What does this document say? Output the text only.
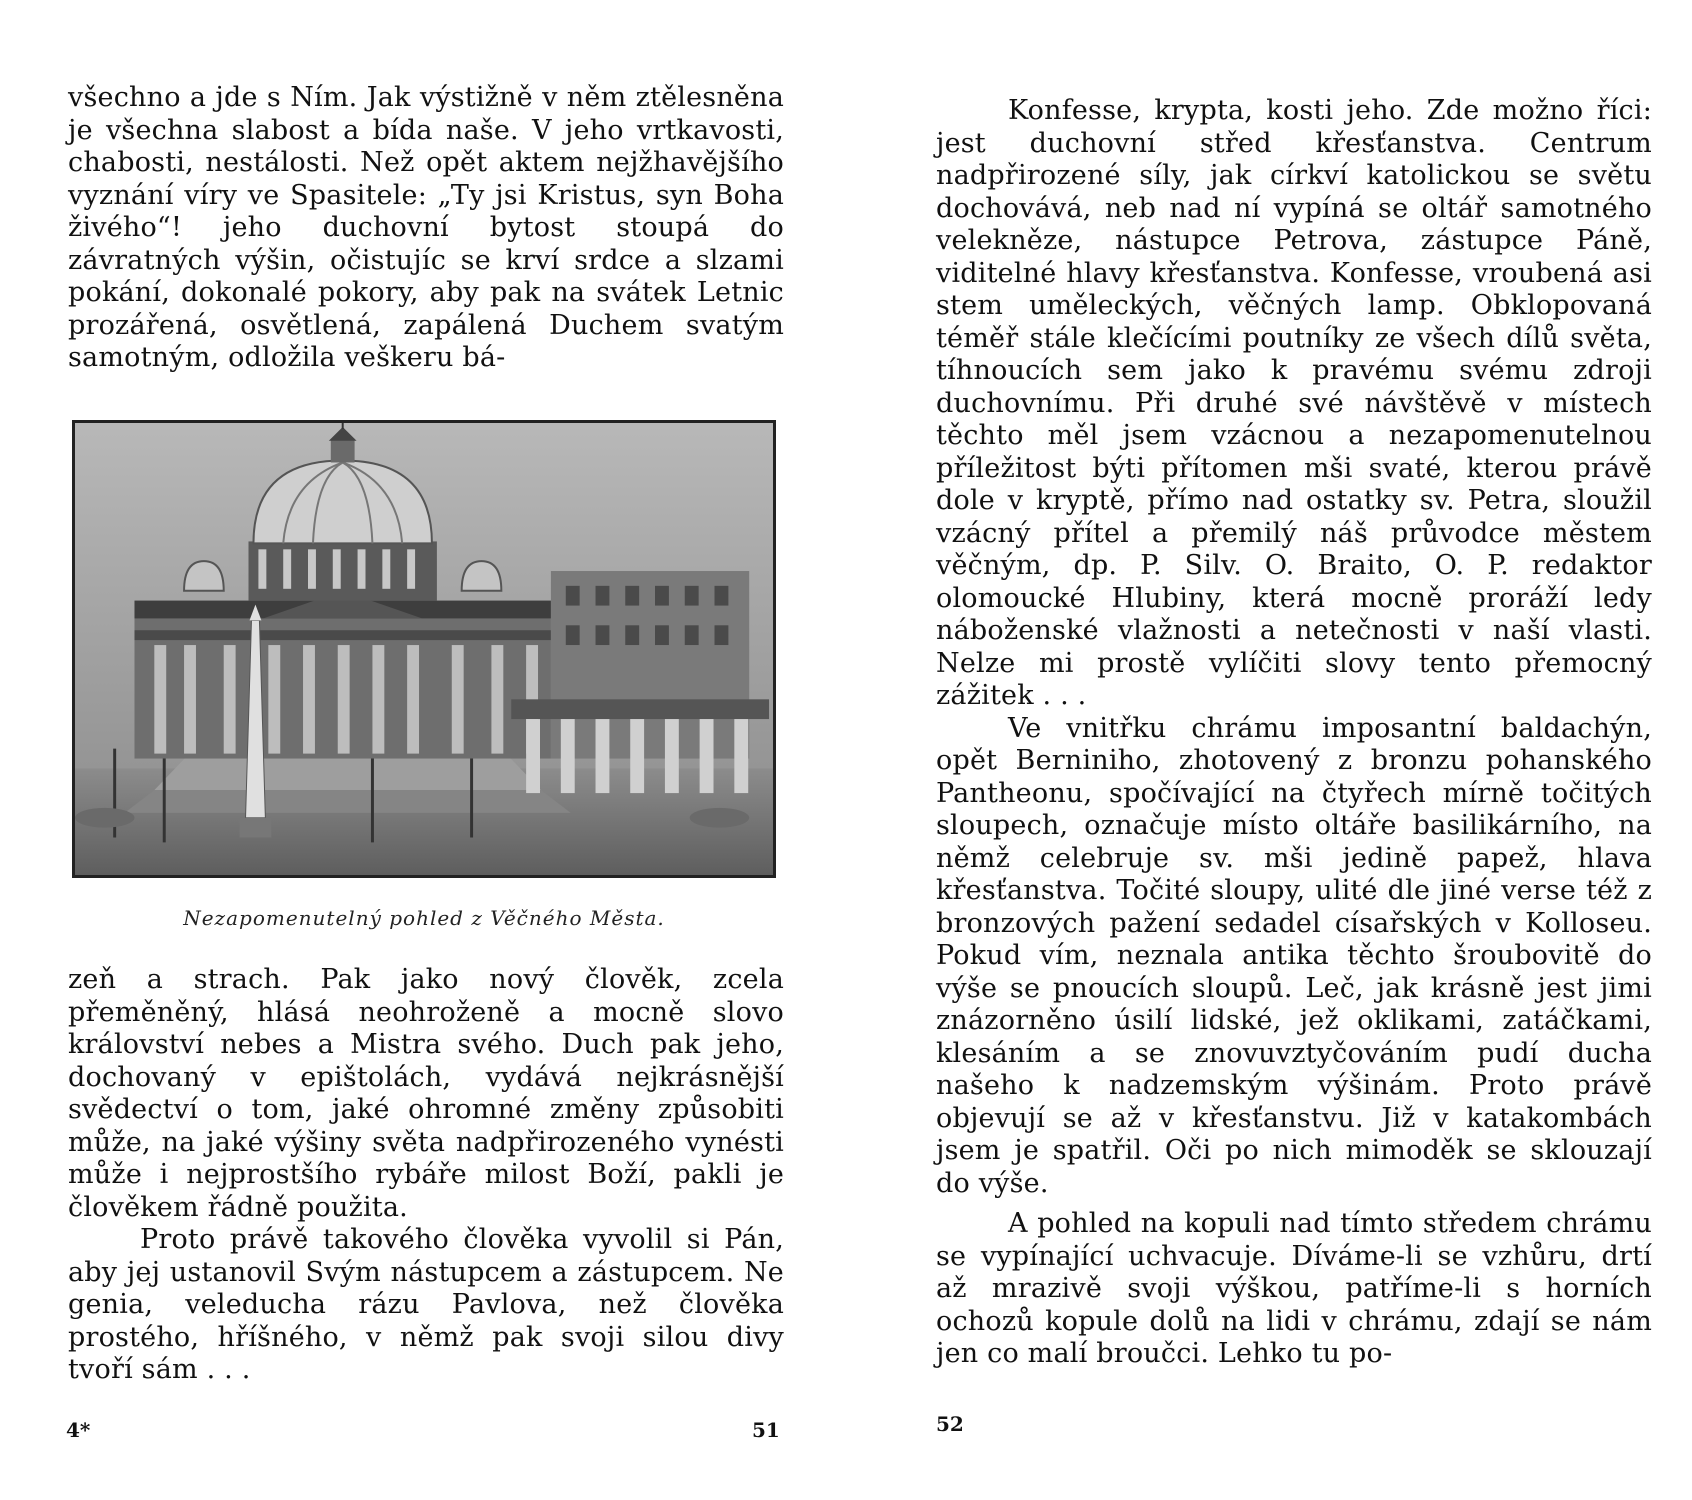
všechno a jde s Ním. Jak výstižně v něm ztělesněna je všechna slabost a bída naše. V jeho vrtkavosti, chabosti, nestálosti. Než opět aktem nejžhavějšího vyznání víry ve Spasitele: „Ty jsi Kristus, syn Boha živého“! jeho duchovní bytost stoupá do závratných výšin, očistujíc se krví srdce a slzami pokání, dokonalé pokory, aby pak na svátek Letnic prozářená, osvětlená, zapálená Duchem svatým samotným, odložila veškeru bá-

Nezapomenutelný pohled z Věčného Města.

zeň a strach. Pak jako nový člověk, zcela přeměněný, hlásá neohroženě a mocně slovo království nebes a Mistra svého. Duch pak jeho, dochovaný v epištolách, vydává nejkrásnější svědectví o tom, jaké ohromné změny způsobiti může, na jaké výšiny světa nadpřirozeného vynésti může i nejprostšího rybáře milost Boží, pakli je člověkem řádně použita.

Proto právě takového člověka vyvolil si Pán, aby jej ustanovil Svým nástupcem a zástupcem. Ne genia, veleducha rázu Pavlova, než člověka prostého, hříšného, v němž pak svoji silou divy tvoří sám . . .

4*	51

Konfesse, krypta, kosti jeho. Zde možno říci: jest duchovní střed křesťanstva. Centrum nadpřirozené síly, jak církví katolickou se světu dochovává, neb nad ní vypíná se oltář samotného velekněze, nástupce Petrova, zástupce Páně, viditelné hlavy křesťanstva. Konfesse, vroubená asi stem uměleckých, věčných lamp. Obklopovaná téměř stále klečícími poutníky ze všech dílů světa, tíhnoucích sem jako k pravému svému zdroji duchovnímu. Při druhé své návštěvě v místech těchto měl jsem vzácnou a nezapomenutelnou příležitost býti přítomen mši svaté, kterou právě dole v kryptě, přímo nad ostatky sv. Petra, sloužil vzácný přítel a přemilý náš průvodce městem věčným, dp. P. Silv. O. Braito, O. P. redaktor olomoucké Hlubiny, která mocně proráží ledy náboženské vlažnosti a netečnosti v naší vlasti. Nelze mi prostě vylíčiti slovy tento přemocný zážitek . . .

Ve vnitřku chrámu imposantní baldachýn, opět Berniniho, zhotovený z bronzu pohanského Pantheonu, spočívající na čtyřech mírně točitých sloupech, označuje místo oltáře basilikárního, na němž celebruje sv. mši jedině papež, hlava křesťanstva. Točité sloupy, ulité dle jiné verse též z bronzových pažení sedadel císařských v Kolloseu. Pokud vím, neznala antika těchto šroubovitě do výše se pnoucích sloupů. Leč, jak krásně jest jimi znázorněno úsilí lidské, jež oklikami, zatáčkami, klesáním a se znovuvztyčováním pudí ducha našeho k nadzemským výšinám. Proto právě objevují se až v křesťanstvu. Již v katakombách jsem je spatřil. Oči po nich mimoděk se sklouzají do výše.

A pohled na kopuli nad tímto středem chrámu se vypínající uchvacuje. Díváme-li se vzhůru, drtí až mrazivě svoji výškou, patříme-li s horních ochozů kopule dolů na lidi v chrámu, zdají se nám jen co malí broučci. Lehko tu po-

52
